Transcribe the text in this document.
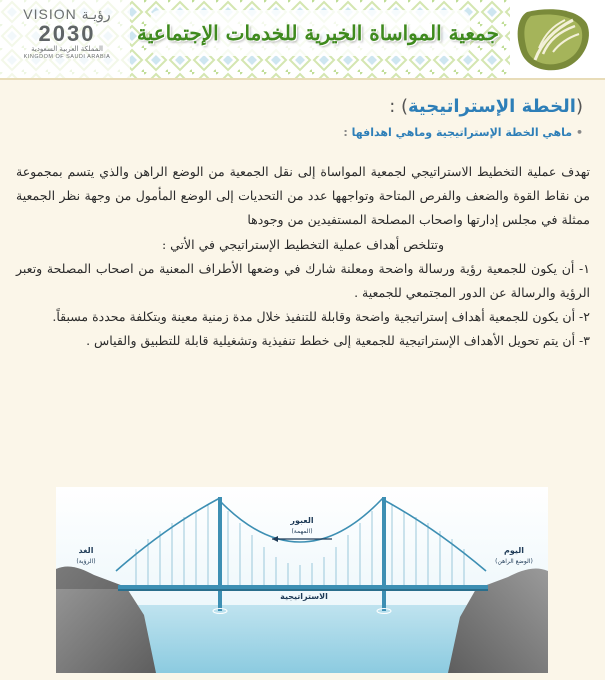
VISION رؤيـة
2030
المملكة العربية السعودية
KINGDOM OF SAUDI ARABIA
جمعية المواساة الخيرية للخدمات الإجتماعية
(الخطة الإستراتيجية) :
• ماهي الخطة الإستراتيجية وماهي اهدافها :

تهدف عملية التخطيط الاستراتيجي لجمعية المواساة إلى نقل الجمعية من الوضع الراهن والذي يتسم بمجموعة من نقاط القوة والضعف والفرص المتاحة وتواجهها عدد من التحديات إلى الوضع المأمول من وجهة نظر الجمعية ممثلة في مجلس إدارتها واصحاب المصلحة المستفيدين من وجودها

وتتلخص أهداف عملية التخطيط الإستراتيجي في الأتي :

١- أن يكون للجمعية رؤية ورسالة واضحة ومعلنة شارك في وضعها الأطراف المعنية من اصحاب المصلحة وتعبر الرؤية والرسالة عن الدور المجتمعي للجمعية .

٢- أن يكون للجمعية أهداف إستراتيجية واضحة وقابلة للتنفيذ خلال مدة زمنية معينة وبتكلفة محددة مسبقاً.

٣- أن يتم تحويل الأهداف الإستراتيجية للجمعية إلى خطط تنفيذية وتشغيلية قابلة للتطبيق والقياس .

الاستراتيجية
العبور
(المهمة)
اليوم
(الوضع الراهن)
الغد
(الرؤية)
